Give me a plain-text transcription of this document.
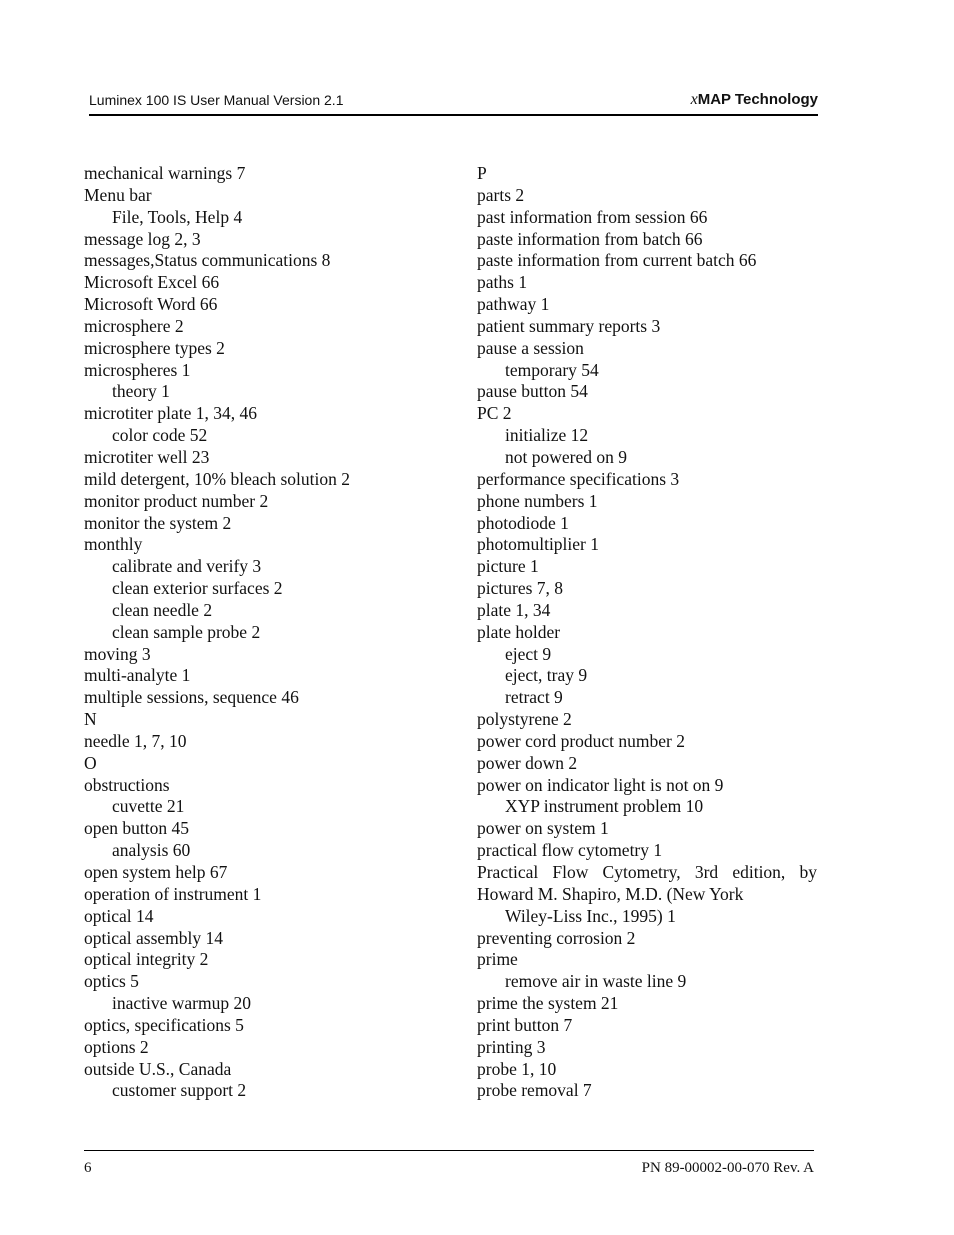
Luminex 100 IS User Manual Version 2.1	xMAP Technology
mechanical warnings 7
Menu bar
File, Tools, Help 4
message log 2, 3
messages,Status communications 8
Microsoft Excel 66
Microsoft Word 66
microsphere 2
microsphere types 2
microspheres 1
theory 1
microtiter plate 1, 34, 46
color code 52
microtiter well 23
mild detergent, 10% bleach solution 2
monitor product number 2
monitor the system 2
monthly
calibrate and verify 3
clean exterior surfaces 2
clean needle 2
clean sample probe 2
moving 3
multi-analyte 1
multiple sessions, sequence 46
N
needle 1, 7, 10
O
obstructions
cuvette 21
open button 45
analysis 60
open system help 67
operation of instrument 1
optical 14
optical assembly 14
optical integrity 2
optics 5
inactive warmup 20
optics, specifications 5
options 2
outside U.S., Canada
customer support 2
P
parts 2
past information from session 66
paste information from batch 66
paste information from current batch 66
paths 1
pathway 1
patient summary reports 3
pause a session
temporary 54
pause button 54
PC 2
initialize 12
not powered on 9
performance specifications 3
phone numbers 1
photodiode 1
photomultiplier 1
picture 1
pictures 7, 8
plate 1, 34
plate holder
eject 9
eject, tray 9
retract 9
polystyrene 2
power cord product number 2
power down 2
power on indicator light is not on 9
XYP instrument problem 10
power on system 1
practical flow cytometry 1
Practical Flow Cytometry, 3rd edition, by
Howard M. Shapiro, M.D. (New York
Wiley-Liss Inc., 1995) 1
preventing corrosion 2
prime
remove air in waste line 9
prime the system 21
print button 7
printing 3
probe 1, 10
probe removal 7
6	PN 89-00002-00-070 Rev. A
